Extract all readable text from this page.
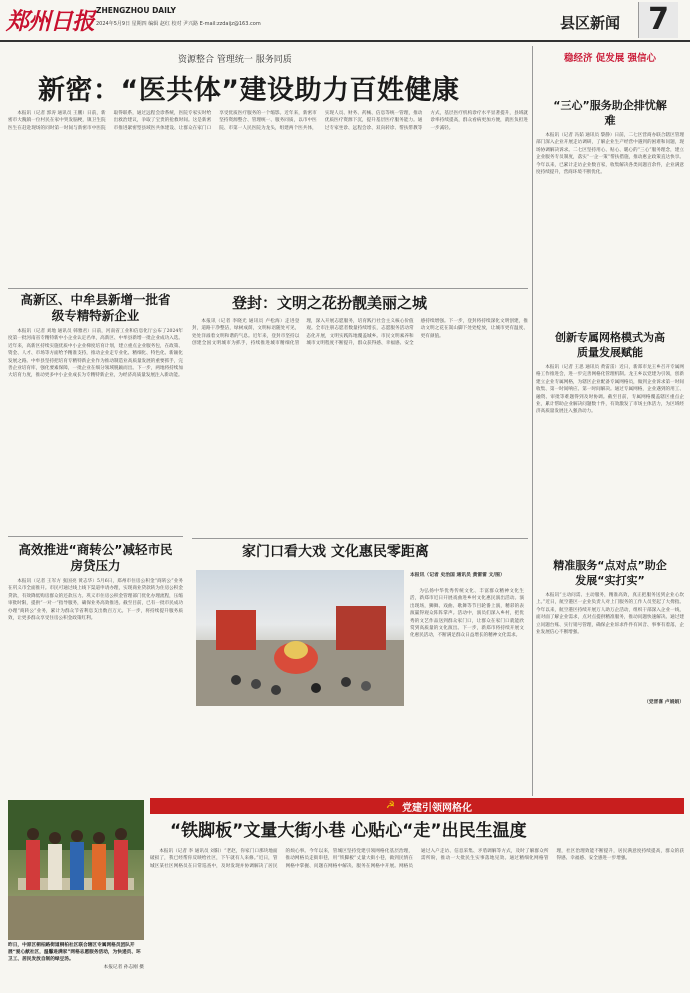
郑州日报 ZHENGZHOU DAILY
2024年5月9日 星期四 编辑 赵红 校对 尹兴路 E-mail:zzdaijz@163.com	县区新闻 7
资源整合 管理统一 服务同质
新密：“医共体”建设助力百姓健康

本报讯（记者 郭涛 通讯员 王鹏）日前，新密市大隗镇一位村民在家中突发脑梗，镇卫生院医生在赶赴现场的同时第一时间与新密市中医院取得联系，通过远程会诊系统，医院专家实时给出救治建议，争取了宝贵的抢救时间。这是新密市推进紧密型县域医共体建设、让群众在家门口享受优质医疗服务的一个缩影。近年来，新密市坚持资源整合、管理统一、服务同质，以市中医院、市第一人民医院为龙头，组建两个医共体，实现人员、财务、药械、信息等统一管理，推动优质医疗资源下沉，提升基层医疗服务能力。通过专家坐诊、远程会诊、双向转诊、帮扶带教等方式，基层医疗机构诊疗水平显著提升，县域就诊率持续提高，群众看病更加方便，就医负担进一步减轻。

高新区、中牟县新增一批省级专精特新企业

本报讯（记者 刘地 通讯员 韩雅君）日前，河南省工业和信息化厅公布了2024年度第一批河南省专精特新中小企业认定名单，高新区、中牟县新增一批企业成功入选。近年来，高新区持续实施优质中小企业梯度培育计划，建立重点企业服务包，在政策、资金、人才、市场等方面给予精准支持，推动企业走专业化、精细化、特色化、新颖化发展之路。中牟县坚持把培育专精特新企业作为推动制造业高质量发展的重要抓手，完善企业培育库，强化要素保障，一批企业在细分领域脱颖而出。下一步，两地将持续加大培育力度，推动更多中小企业成长为专精特新企业，为经济高质量发展注入新动能。

登封：文明之花扮靓美丽之城

本报讯（记者 李晓光 通讯员 卢松海）走进登封，道路干净整洁，绿树成荫，文明标语随处可见，处处洋溢着文明和谐的气息。近年来，登封市坚持以创建全国文明城市为抓手，持续推进城市精细化管理，深入开展志愿服务，培育践行社会主义核心价值观。全市注册志愿者数量持续增长，志愿服务活动常态化开展，文明实践阵地覆盖城乡。市民文明素养和城市文明程度不断提升，群众获得感、幸福感、安全感持续增强。下一步，登封将持续深化文明创建，推动文明之花在嵩山脚下处处绽放，让城市更有温度、更有颜值。

高效推进“商转公”减轻市民房贷压力

本报讯（记者 王军方 张国亮 黄志华）5月6日，郑州市住房公积金“商转公”业务在巩义市全面推开。市民可通过线上线下渠道申请办理，实现商业贷款转为住房公积金贷款，有效降低购房群众的还款压力。巩义市住房公积金管理部门优化办理流程，压缩审批时限，提供“一对一”指导服务，确保业务高效推进。截至目前，已有一批市民成功办理“商转公”业务，累计为群众节省利息支出数百万元。下一步，将持续提升服务质效，让更多群众享受住房公积金政策红利。

家门口看大戏 文化惠民零距离
本报讯（记者 史治国 通讯员 黄雷雷 文/图）

为弘扬中华优秀传统文化、丰富群众精神文化生活，新郑市近日开展戏曲进乡村文化惠民演出活动。演出现场，狮舞、戏曲、歌舞等节目轮番上演，精彩的表演赢得观众阵阵掌声。活动中，演员们深入乡村，把优秀的文艺作品送到群众家门口，让群众在家门口就能欣赏到高质量的文化演出。下一步，新郑市将持续开展文化惠民活动，不断满足群众日益增长的精神文化需求。

稳经济 促发展 强信心
“三心”服务助企排忧解难

本报讯（记者 冯茹 通讯员 黎静）日前，二七区营商办联合辖区管理部门深入企业开展走访调研，了解企业生产经营中遇到的困难和问题，现场协调解决诉求。二七区坚持用心、贴心、暖心的“三心”服务理念，建立企业服务专员制度，落实“一企一策”帮扶措施，推动惠企政策直达快享。今年以来，已累计走访企业数百家，收集解决各类问题百余件，企业满意度持续提升，营商环境不断优化。

创新专属网格模式为高质量发展赋能

本报讯（记者 王思 通讯员 黄雷雷）近日，新郑市龙王乡召开专属网格工作推进会，进一步完善网格化管理机制。龙王乡以党建为引领，创新建立企业专属网格，为辖区企业配备专属网格员，做到企业诉求第一时间收集、第一时间响应、第一时间解决。通过专属网格，企业遇到的用工、融资、审批等难题得到及时协调。截至目前，专属网格覆盖辖区重点企业，累计帮助企业解决问题数十件，有效激发了市场主体活力，为区域经济高质量发展注入强劲动力。

精准服务“点对点”助企发展“实打实”

本报讯“主动问需、主动服务，精准高效，真正把服务送到企业心坎上。”近日，航空港区一企业负责人对上门服务的工作人员竖起了大拇指。今年以来，航空港区持续开展万人助万企活动，组织干部深入企业一线，面对面了解企业需求，点对点提供精准服务，推动问题快速解决。通过建立问题台账、实行销号管理，确保企业诉求件件有回音、事事有着落，企业发展信心不断增强。

（党晋喜 卢娟娟）
☭ 党建引领网格化
昨日，中原区桐柏路街道桐柏社区联合辖区专属网格员团队开展“爱心献社区，温馨进满家”网格志愿服务活动，为快递员、环卫工、居民发放自制的绿豆汤。
本报记者 孙志刚 摄
“铁脚板”文量大街小巷 心贴心“走”出民生温度

本报讯（记者 李 通讯员 刘阳）“老赵，你家门口那块地面破损了，我已经帮你反映给社区，下午就有人来修。”近日，管城区某社区网格员在日常巡查中，及时发现并协调解决了居民的烦心事。今年以来，管城区坚持党建引领网格化基层治理，推动网格员走街串巷，用“铁脚板”丈量大街小巷，做到民情在网格中掌握、问题在网格中解决、服务在网格中开展。网格员通过入户走访、信息采集、矛盾调解等方式，及时了解群众所需所盼，推动一大批民生实事落地见效。通过精细化网格管理，社区治理效能不断提升，居民满意度持续提高，群众的获得感、幸福感、安全感进一步增强。
